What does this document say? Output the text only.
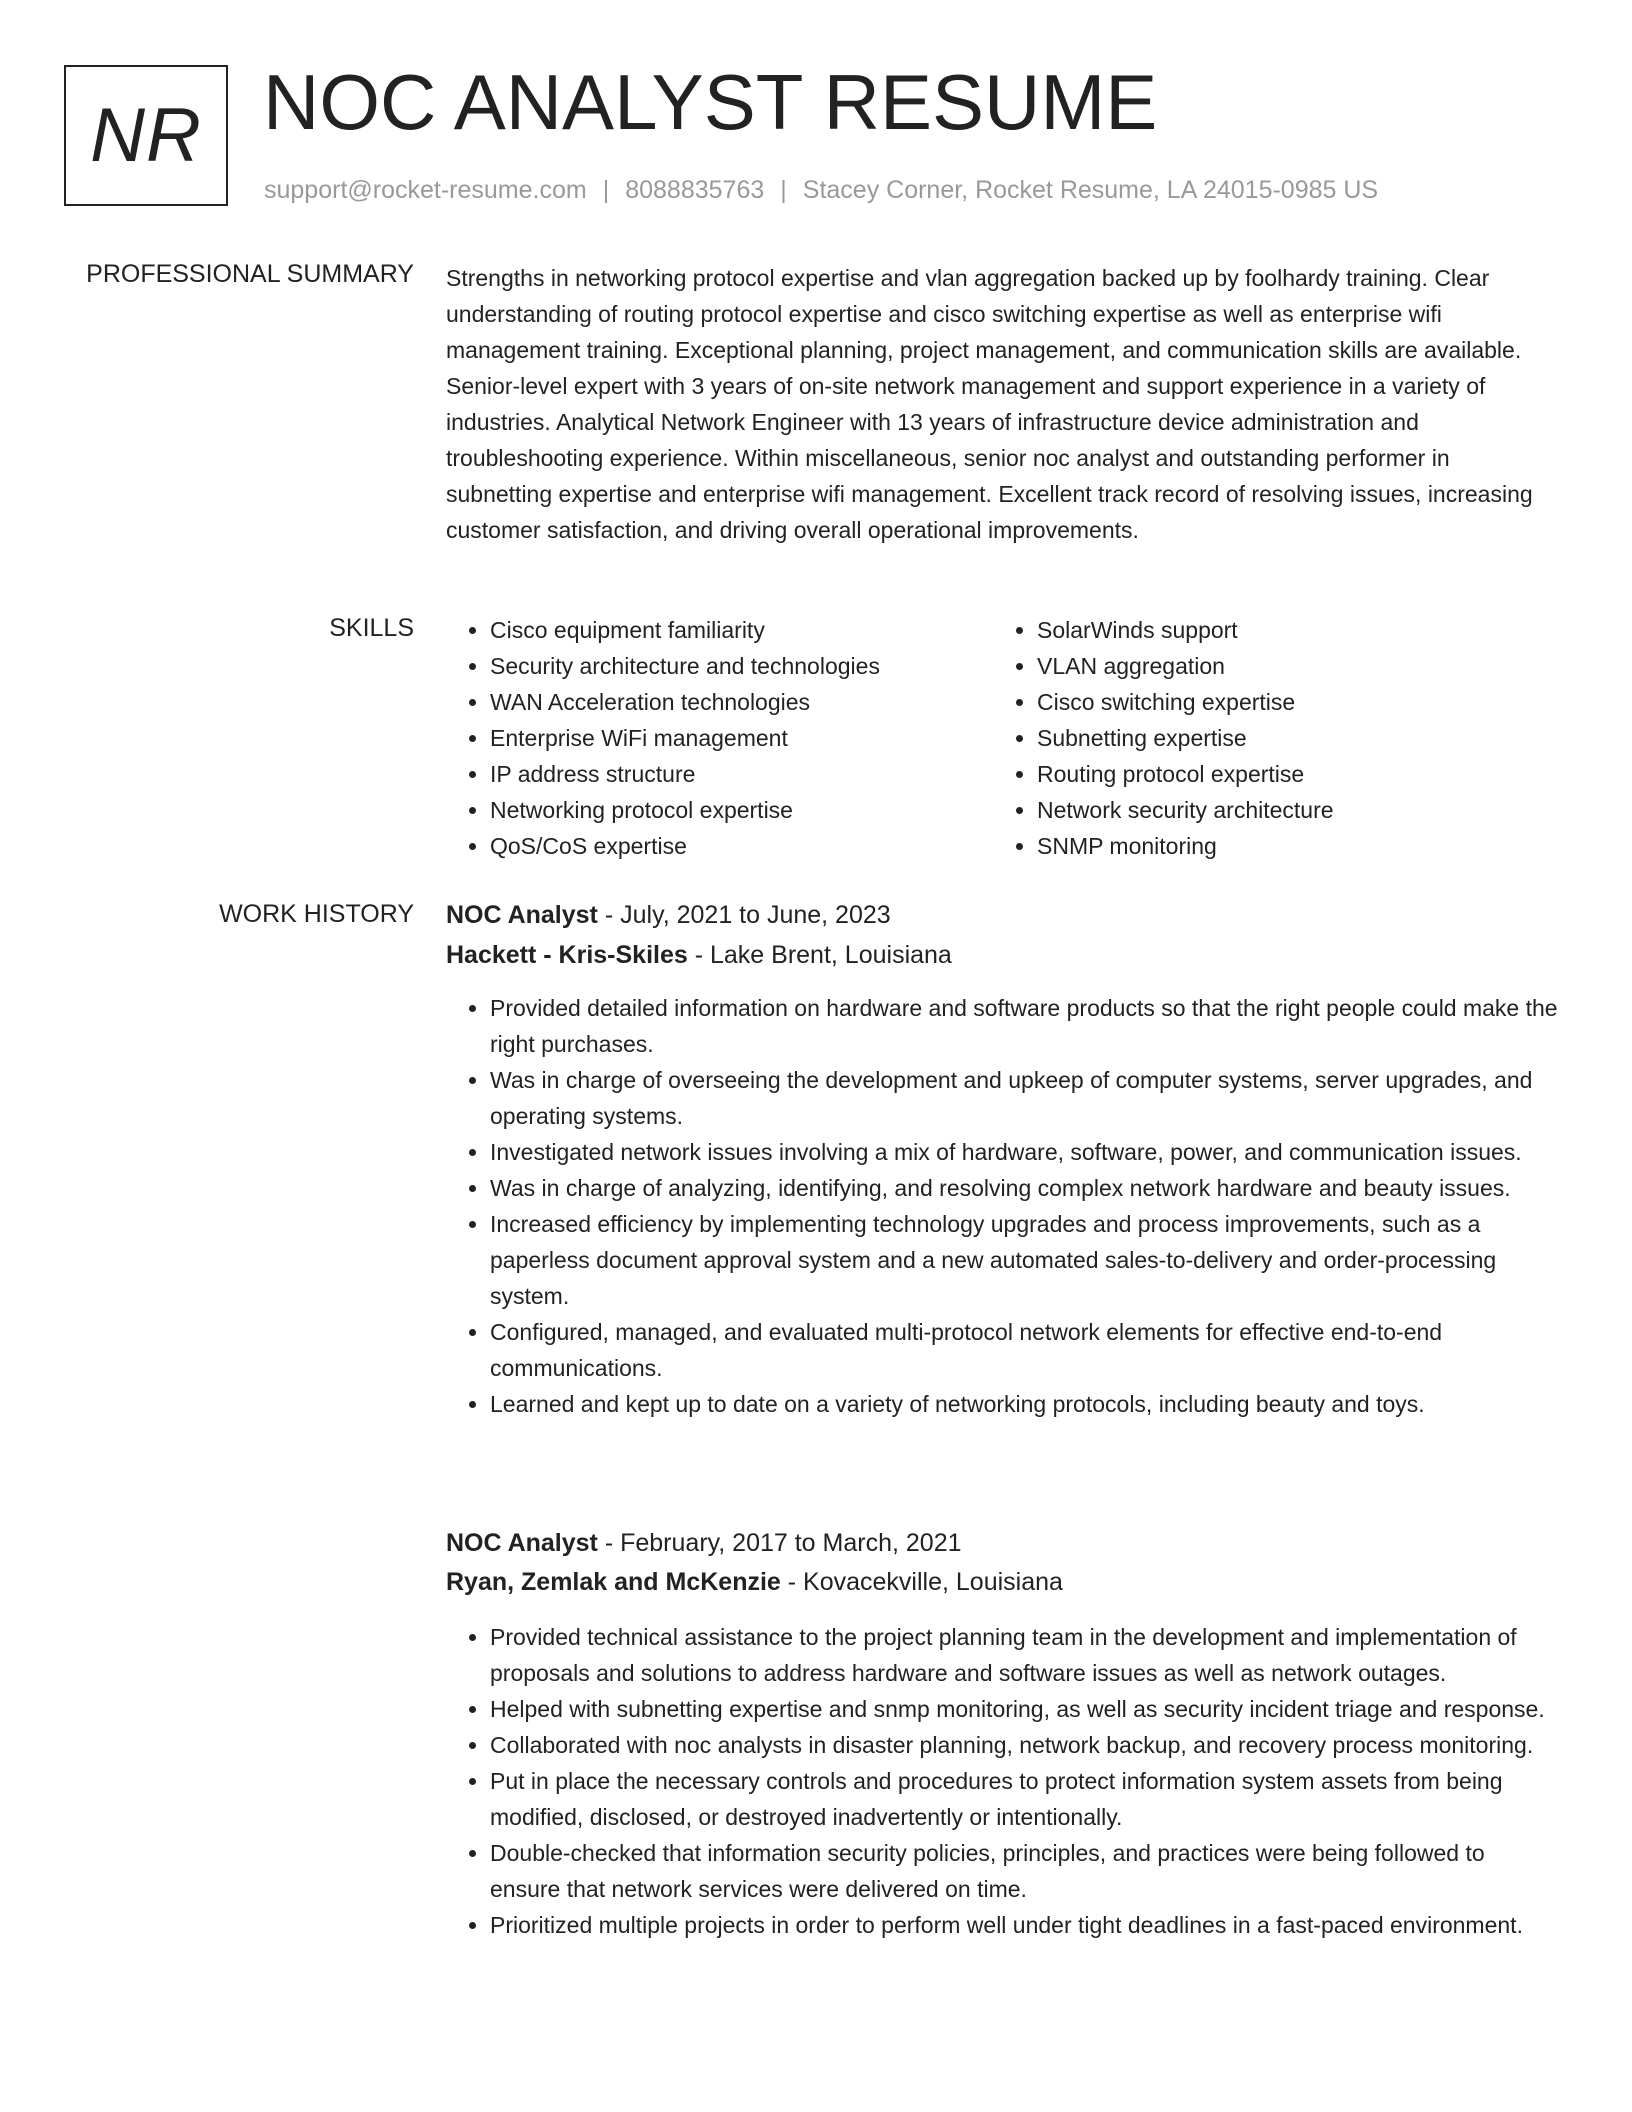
NR NOC ANALYST RESUME
support@rocket-resume.com | 8088835763 | Stacey Corner, Rocket Resume, LA 24015-0985 US
PROFESSIONAL SUMMARY Strengths in networking protocol expertise and vlan aggregation backed up by foolhardy training. Clear understanding of routing protocol expertise and cisco switching expertise as well as enterprise wifi management training. Exceptional planning, project management, and communication skills are available. Senior-level expert with 3 years of on-site network management and support experience in a variety of industries. Analytical Network Engineer with 13 years of infrastructure device administration and troubleshooting experience. Within miscellaneous, senior noc analyst and outstanding performer in subnetting expertise and enterprise wifi management. Excellent track record of resolving issues, increasing customer satisfaction, and driving overall operational improvements.

SKILLS
•	Cisco equipment familiarity
• Security architecture and technologies
• WAN Acceleration technologies
• Enterprise WiFi management
• IP address structure
• Networking protocol expertise
• QoS/CoS expertise
• SolarWinds support
• VLAN aggregation
• Cisco switching expertise
• Subnetting expertise
• Routing protocol expertise
• Network security architecture
• SNMP monitoring
WORK HISTORY NOC Analyst - July, 2021 to June, 2023
Hackett - Kris-Skiles - Lake Brent, Louisiana
• Provided detailed information on hardware and software products so that the right people could make the right purchases.
• Was in charge of overseeing the development and upkeep of computer systems, server upgrades, and operating systems.
• Investigated network issues involving a mix of hardware, software, power, and communication issues.
• Was in charge of analyzing, identifying, and resolving complex network hardware and beauty issues.
• Increased efficiency by implementing technology upgrades and process improvements, such as a paperless document approval system and a new automated sales-to-delivery and order-processing system.
• Configured, managed, and evaluated multi-protocol network elements for effective end-to-end communications.
• Learned and kept up to date on a variety of networking protocols, including beauty and toys.
NOC Analyst - February, 2017 to March, 2021
Ryan, Zemlak and McKenzie - Kovacekville, Louisiana
• Provided technical assistance to the project planning team in the development and implementation of proposals and solutions to address hardware and software issues as well as network outages.
• Helped with subnetting expertise and snmp monitoring, as well as security incident triage and response.
• Collaborated with noc analysts in disaster planning, network backup, and recovery process monitoring.
• Put in place the necessary controls and procedures to protect information system assets from being modified, disclosed, or destroyed inadvertently or intentionally.
• Double-checked that information security policies, principles, and practices were being followed to ensure that network services were delivered on time.
• Prioritized multiple projects in order to perform well under tight deadlines in a fast-paced environment.
